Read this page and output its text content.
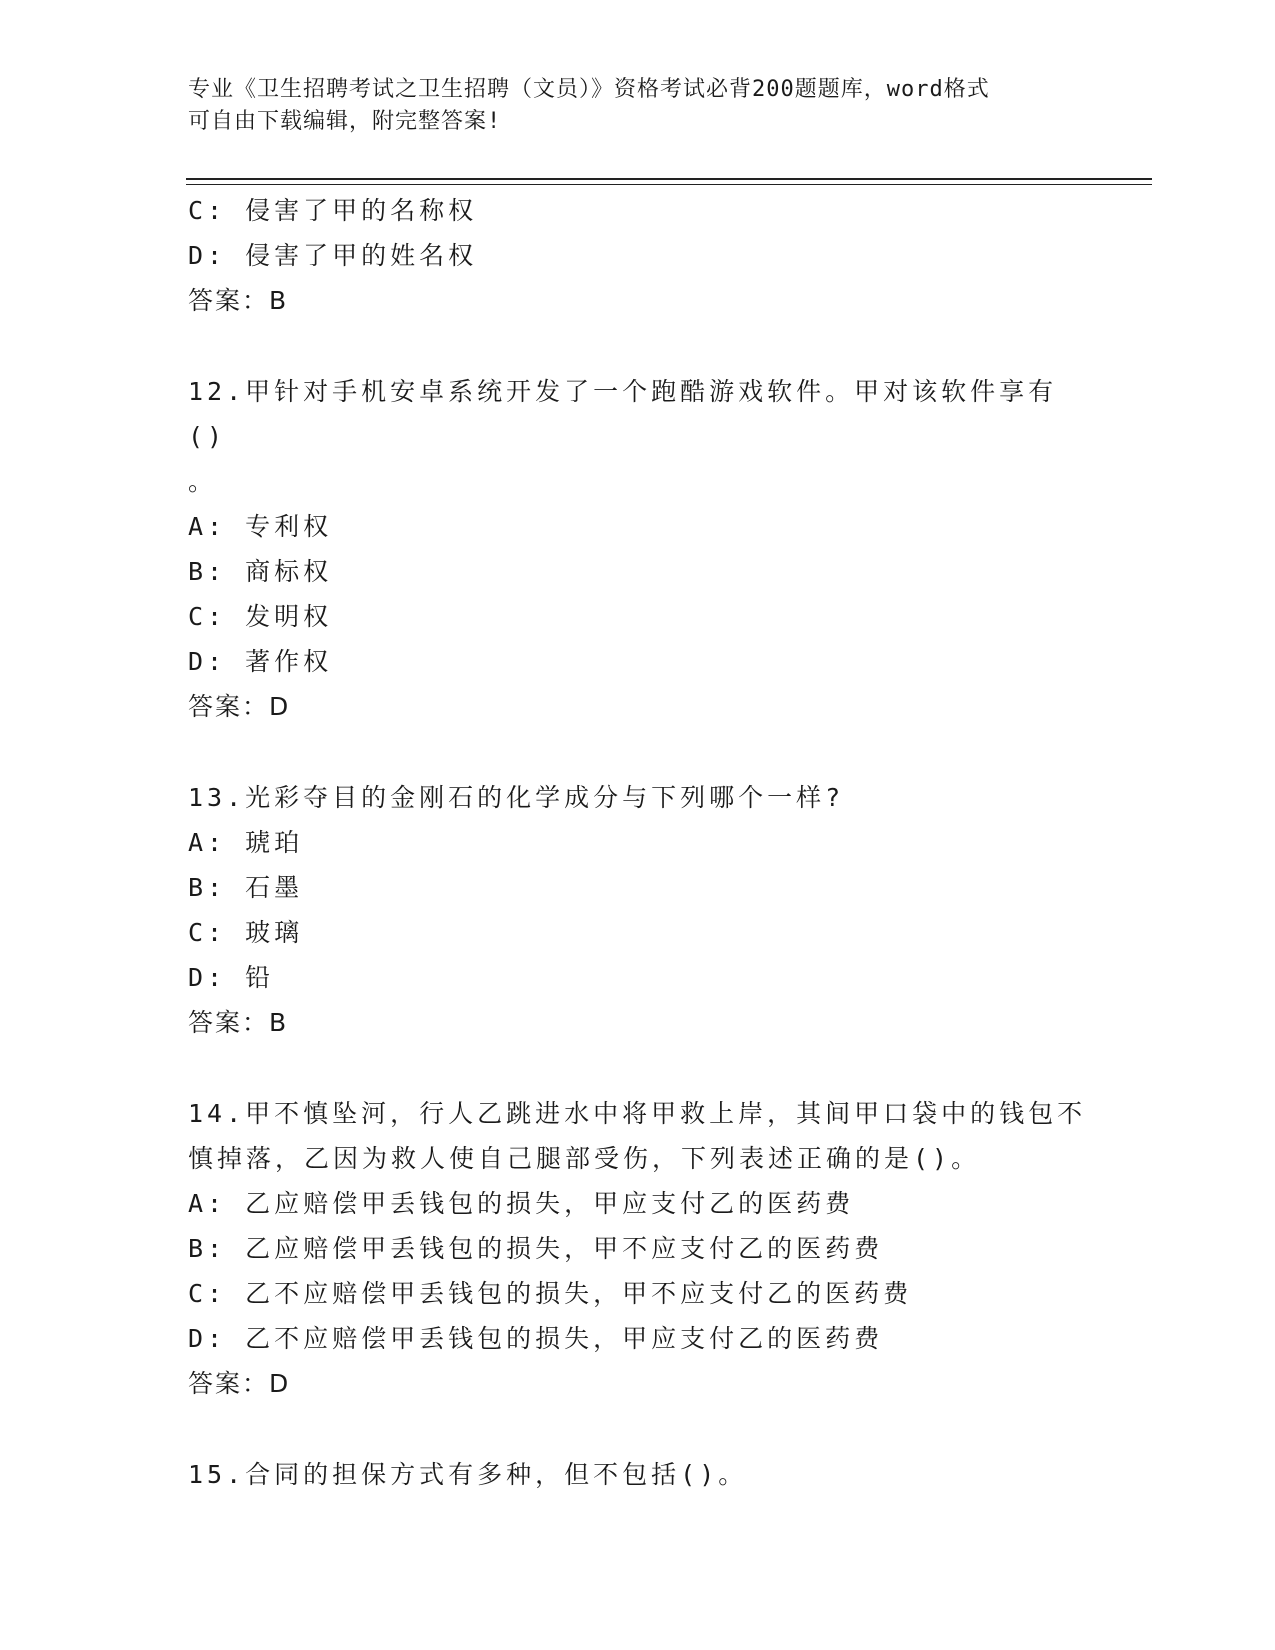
专业《卫生招聘考试之卫生招聘（文员）》资格考试必背200题题库，word格式
可自由下载编辑，附完整答案!
C: 侵害了甲的名称权
D: 侵害了甲的姓名权
答案：B
12.甲针对手机安卓系统开发了一个跑酷游戏软件。甲对该软件享有()
。
A: 专利权
B: 商标权
C: 发明权
D: 著作权
答案：D
13.光彩夺目的金刚石的化学成分与下列哪个一样?
A: 琥珀
B: 石墨
C: 玻璃
D: 铅
答案：B
14.甲不慎坠河，行人乙跳进水中将甲救上岸，其间甲口袋中的钱包不
慎掉落，乙因为救人使自己腿部受伤，下列表述正确的是()。
A: 乙应赔偿甲丢钱包的损失，甲应支付乙的医药费
B: 乙应赔偿甲丢钱包的损失，甲不应支付乙的医药费
C: 乙不应赔偿甲丢钱包的损失，甲不应支付乙的医药费
D: 乙不应赔偿甲丢钱包的损失，甲应支付乙的医药费
答案：D
15.合同的担保方式有多种，但不包括()。
